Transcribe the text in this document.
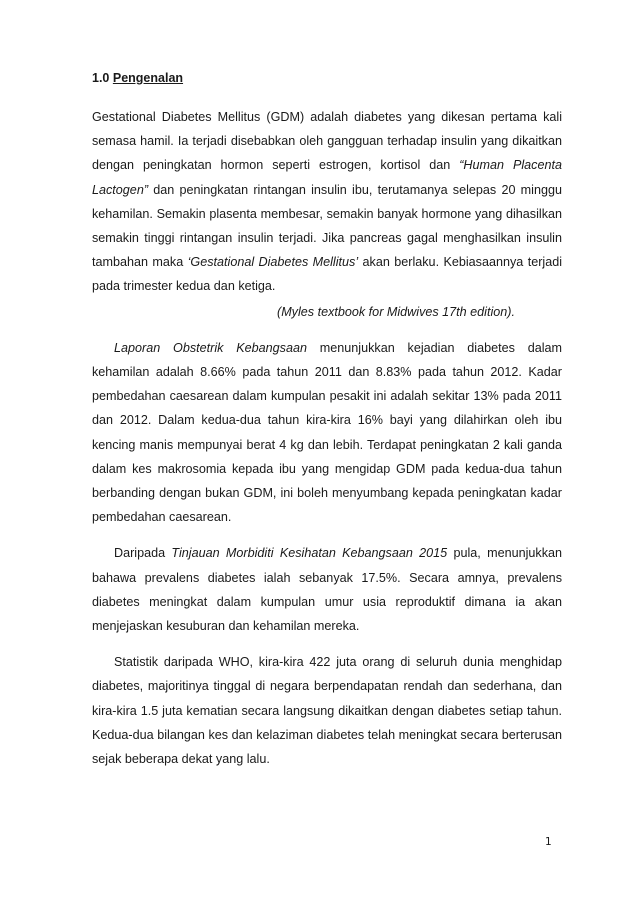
1.0 Pengenalan

Gestational Diabetes Mellitus (GDM) adalah diabetes yang dikesan pertama kali semasa hamil. Ia terjadi disebabkan oleh gangguan terhadap insulin yang dikaitkan dengan peningkatan hormon seperti estrogen, kortisol dan “Human Placenta Lactogen” dan peningkatan rintangan insulin ibu, terutamanya selepas 20 minggu kehamilan. Semakin plasenta membesar, semakin banyak hormone yang dihasilkan semakin tinggi rintangan insulin terjadi. Jika pancreas gagal menghasilkan insulin tambahan maka ‘Gestational Diabetes Mellitus’ akan berlaku. Kebiasaannya terjadi pada trimester kedua dan ketiga.

(Myles textbook for Midwives 17th edition).

Laporan Obstetrik Kebangsaan menunjukkan kejadian diabetes dalam kehamilan adalah 8.66% pada tahun 2011 dan 8.83% pada tahun 2012. Kadar pembedahan caesarean dalam kumpulan pesakit ini adalah sekitar 13% pada 2011 dan 2012. Dalam kedua-dua tahun kira-kira 16% bayi yang dilahirkan oleh ibu kencing manis mempunyai berat 4 kg dan lebih. Terdapat peningkatan 2 kali ganda dalam kes makrosomia kepada ibu yang mengidap GDM pada kedua-dua tahun berbanding dengan bukan GDM, ini boleh menyumbang kepada peningkatan kadar pembedahan caesarean.

Daripada Tinjauan Morbiditi Kesihatan Kebangsaan 2015 pula, menunjukkan bahawa prevalens diabetes ialah sebanyak 17.5%. Secara amnya, prevalens diabetes meningkat dalam kumpulan umur usia reproduktif dimana ia akan menjejaskan kesuburan dan kehamilan mereka.

Statistik daripada WHO, kira-kira 422 juta orang di seluruh dunia menghidap diabetes, majoritinya tinggal di negara berpendapatan rendah dan sederhana, dan kira-kira 1.5 juta kematian secara langsung dikaitkan dengan diabetes setiap tahun. Kedua-dua bilangan kes dan kelaziman diabetes telah meningkat secara berterusan sejak beberapa dekat yang lalu.

1
